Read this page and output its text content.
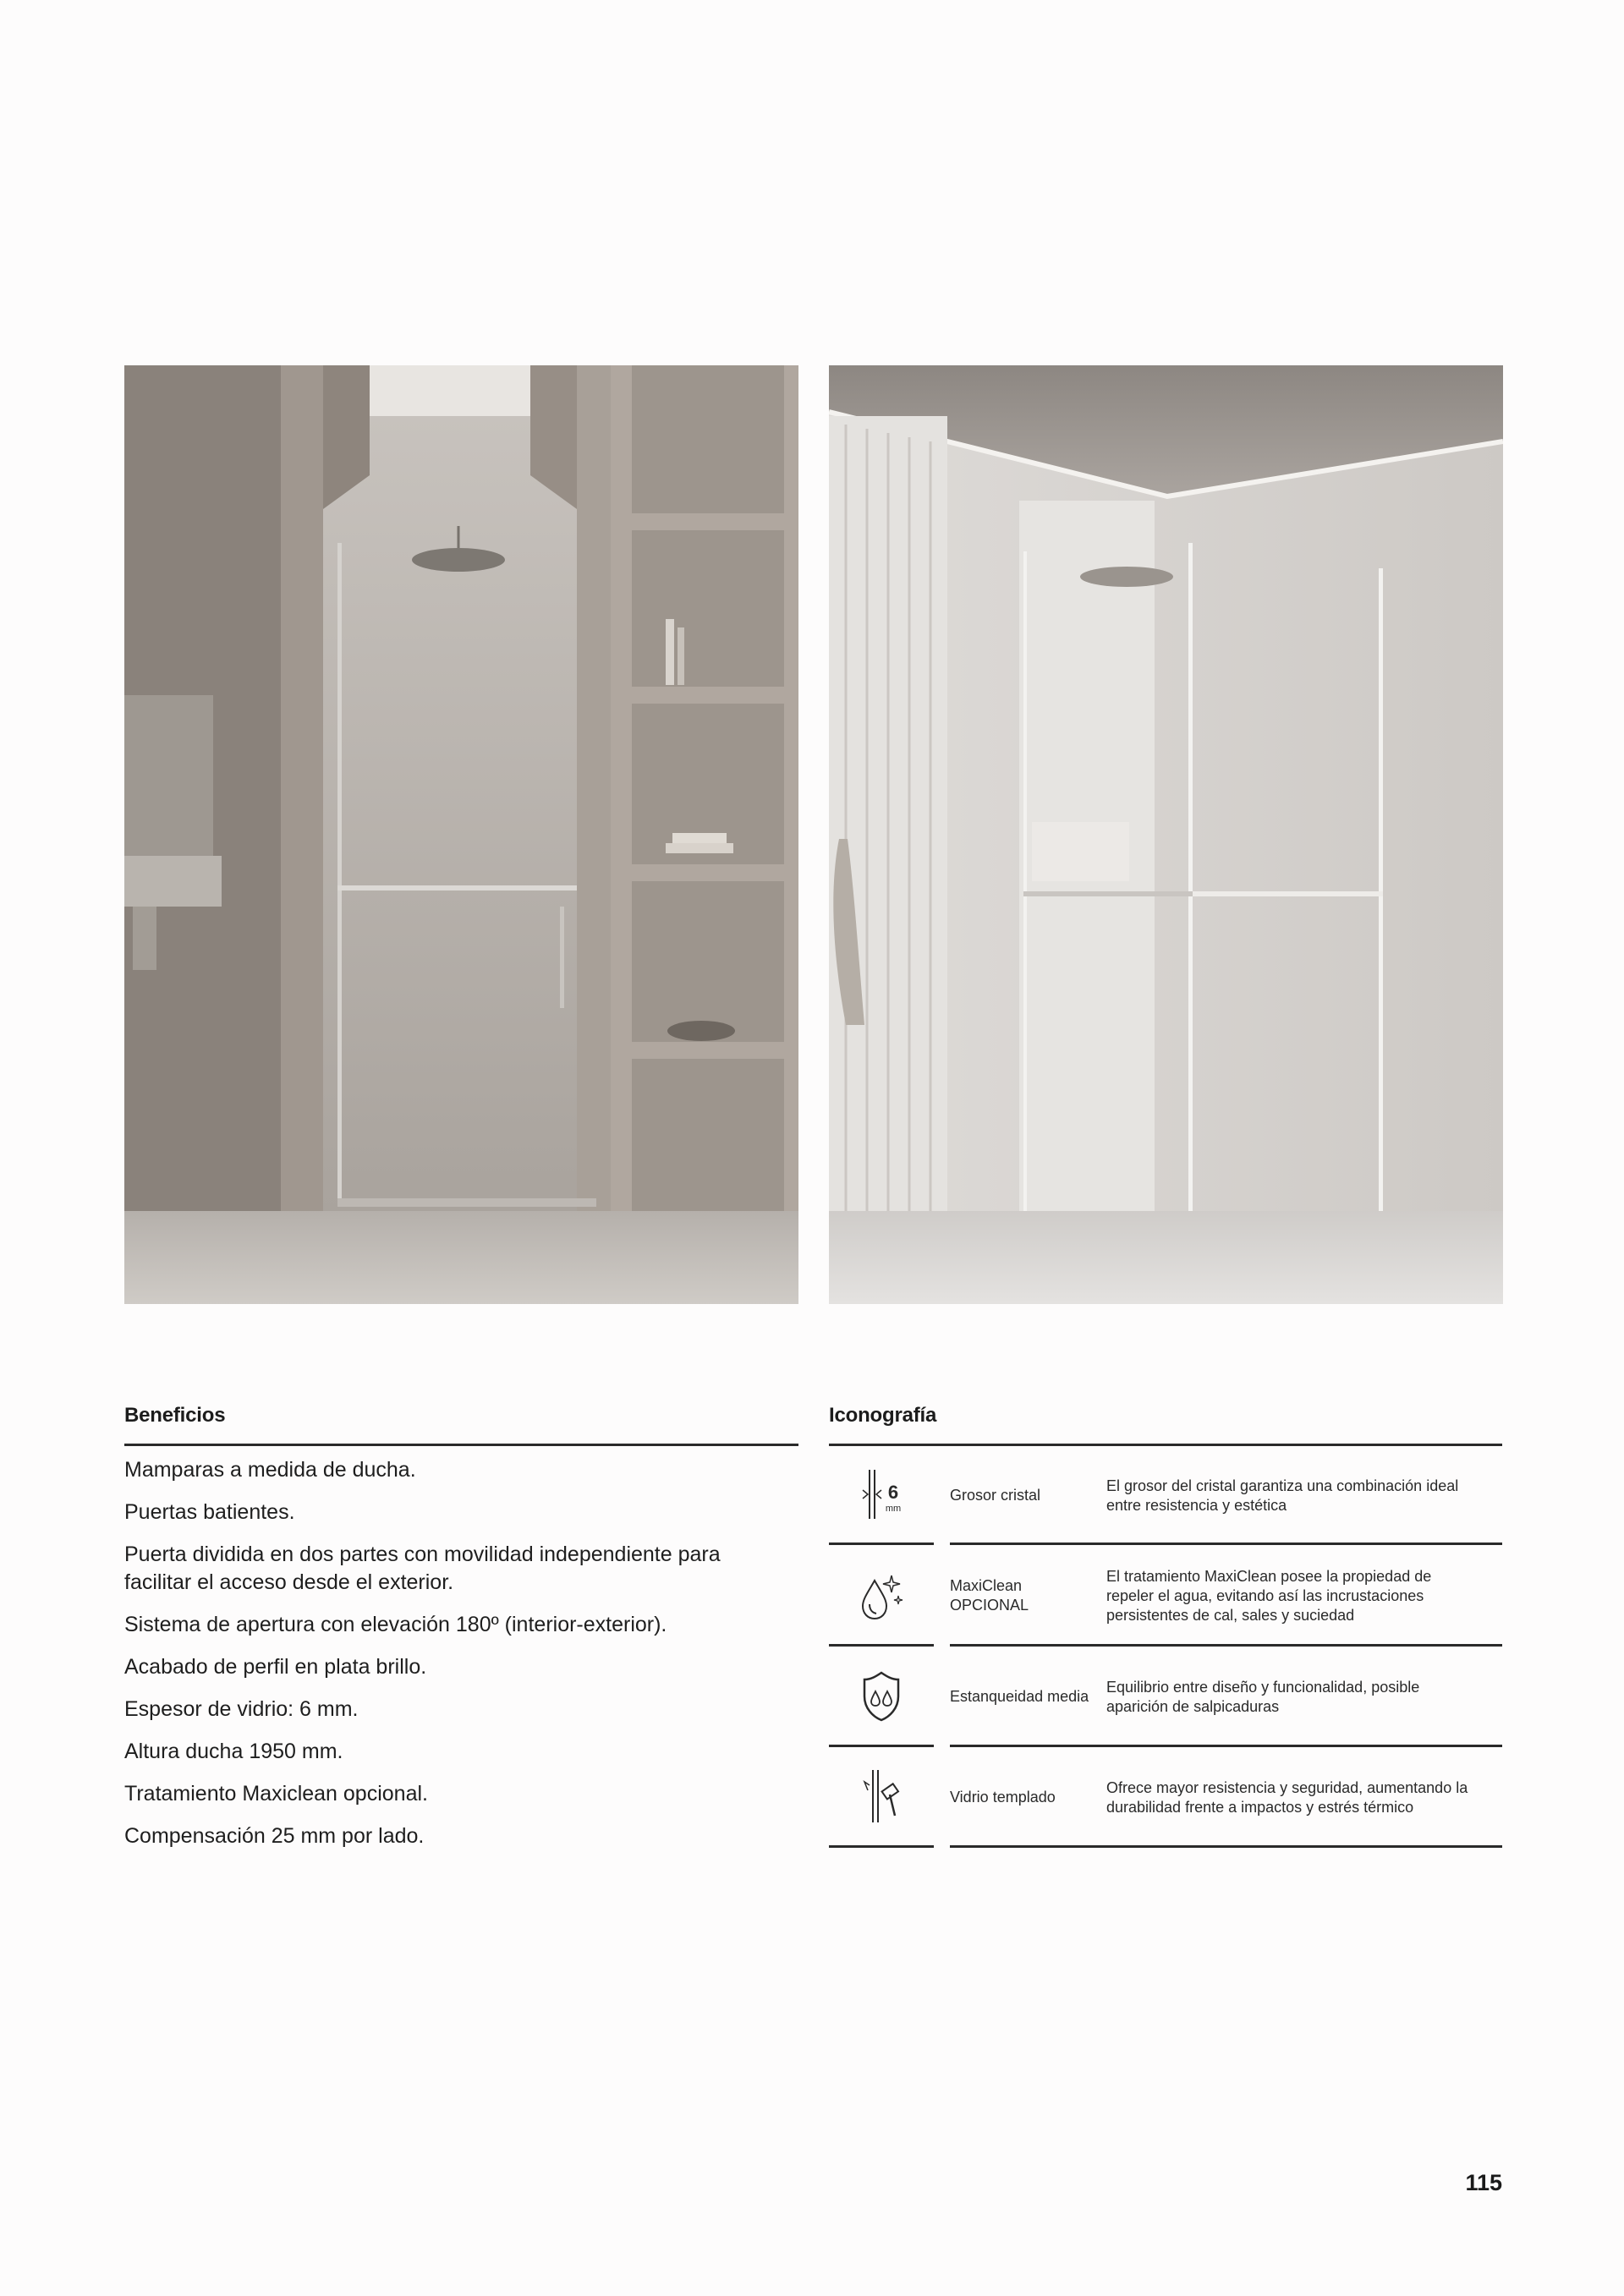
Beneficios
Mamparas a medida de ducha.
Puertas batientes.
Puerta dividida en dos partes con movilidad independiente para facilitar el acceso desde el exterior.
Sistema de apertura con elevación 180º (interior-exterior).
Acabado de perfil en plata brillo.
Espesor de vidrio: 6 mm.
Altura ducha 1950 mm.
Tratamiento Maxiclean opcional.
Compensación 25 mm por lado.
Iconografía
6
mm
Grosor cristal
El grosor del cristal garantiza una combinación ideal entre resistencia y estética
MaxiClean OPCIONAL
El tratamiento MaxiClean posee la propiedad de repeler el agua, evitando así las incrustaciones persistentes de cal, sales y suciedad
Estanqueidad media
Equilibrio entre diseño y funcionalidad, posible aparición de salpicaduras
Vidrio templado
Ofrece mayor resistencia y seguridad, aumentando la durabilidad frente a impactos y estrés térmico
115
